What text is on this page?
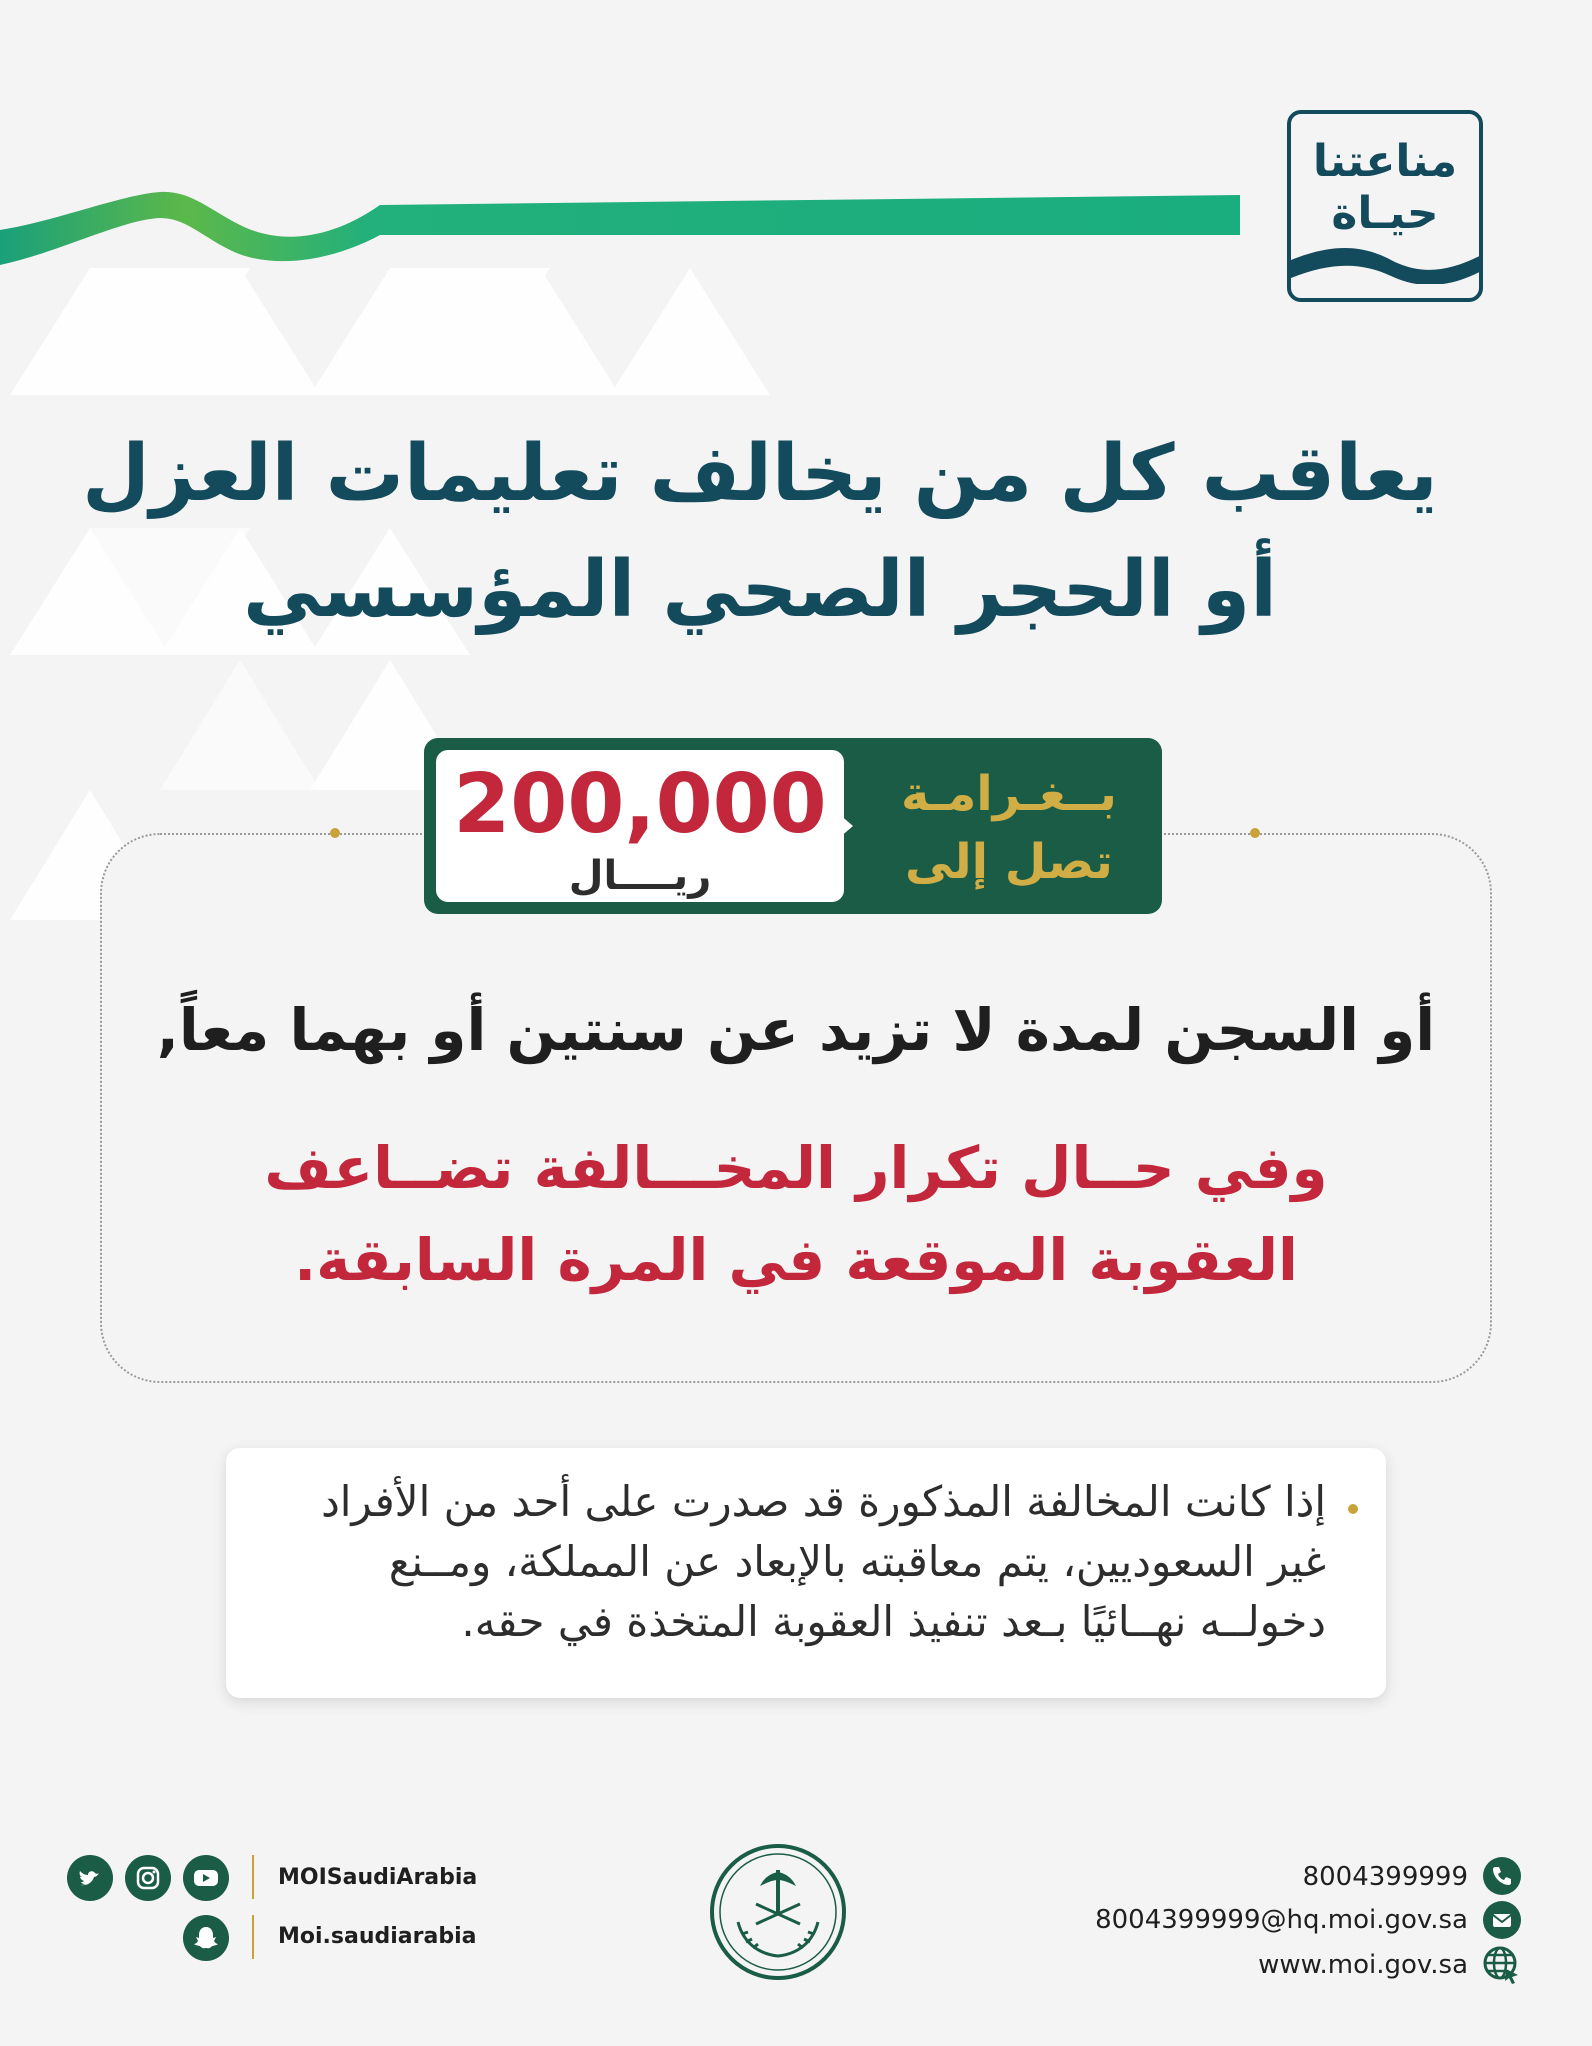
مناعتنا
حيـاة
يعاقب كل من يخالف تعليمات العزل
أو الحجر الصحي المؤسسي
200,000
ريــــال
بــغـرامـة
تصل إلى
أو السجن لمدة لا تزيد عن سنتين أو بهما معاً,
وفي حــال تكرار المخـــالفة تضــاعف
العقوبة الموقعة في المرة السابقة.
إذا كانت المخالفة المذكورة قد صدرت على أحد من الأفراد غير السعوديين، يتم معاقبته بالإبعاد عن المملكة، ومــنع دخولــه نهــائيًا بـعد تنفيذ العقوبة المتخذة في حقه.
MOISaudiArabia
Moi.saudiarabia
8004399999
8004399999@hq.moi.gov.sa
www.moi.gov.sa
